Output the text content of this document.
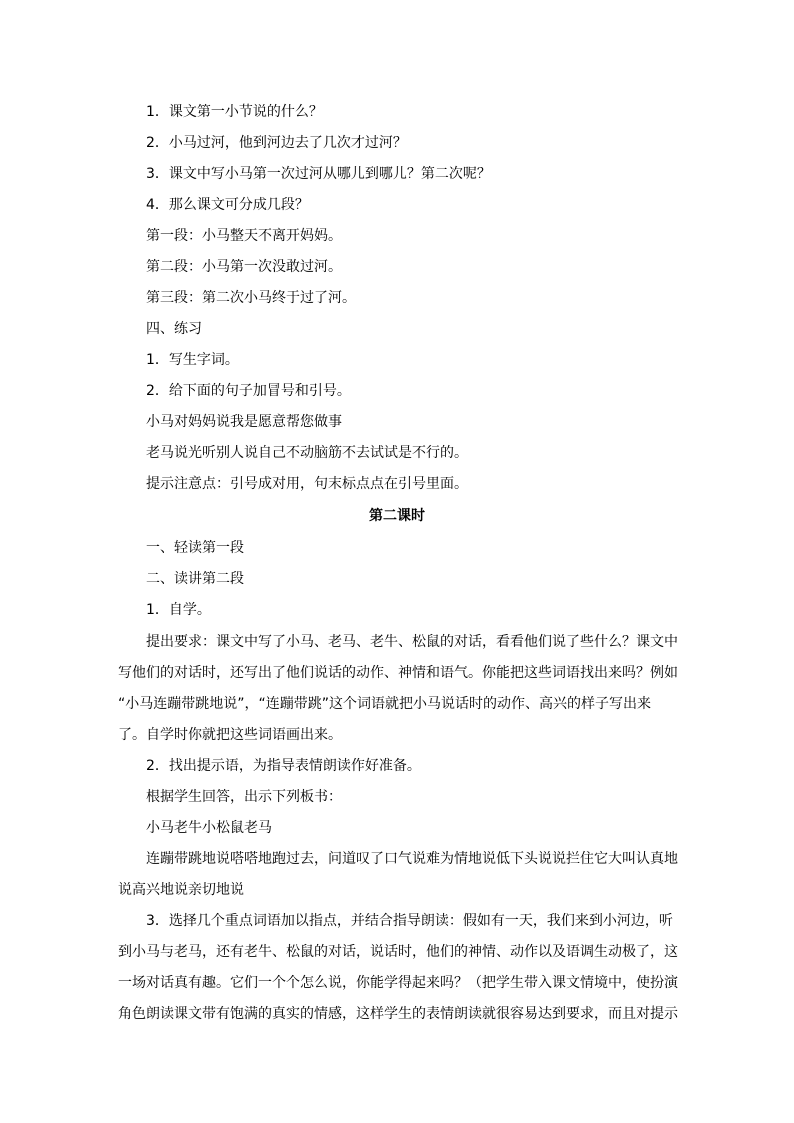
1．课文第一小节说的什么？
2．小马过河，他到河边去了几次才过河？
3．课文中写小马第一次过河从哪儿到哪儿？第二次呢？
4．那么课文可分成几段？
第一段：小马整天不离开妈妈。
第二段：小马第一次没敢过河。
第三段：第二次小马终于过了河。
四、练习
1．写生字词。
2．给下面的句子加冒号和引号。
小马对妈妈说我是愿意帮您做事
老马说光听别人说自己不动脑筋不去试试是不行的。
提示注意点：引号成对用，句末标点点在引号里面。
第二课时
一、轻读第一段
二、读讲第二段
1．自学。
提出要求：课文中写了小马、老马、老牛、松鼠的对话，看看他们说了些什么？课文中
写他们的对话时，还写出了他们说话的动作、神情和语气。你能把这些词语找出来吗？例如
“小马连蹦带跳地说”，“连蹦带跳”这个词语就把小马说话时的动作、高兴的样子写出来
了。自学时你就把这些词语画出来。
2．找出提示语，为指导表情朗读作好准备。
根据学生回答，出示下列板书：
小马老牛小松鼠老马
连蹦带跳地说嗒嗒地跑过去，问道叹了口气说难为情地说低下头说说拦住它大叫认真地
说高兴地说亲切地说
3．选择几个重点词语加以指点，并结合指导朗读：假如有一天，我们来到小河边，听
到小马与老马，还有老牛、松鼠的对话，说话时，他们的神情、动作以及语调生动极了，这
一场对话真有趣。它们一个个怎么说，你能学得起来吗？（把学生带入课文情境中，使扮演
角色朗读课文带有饱满的真实的情感，这样学生的表情朗读就很容易达到要求，而且对提示
